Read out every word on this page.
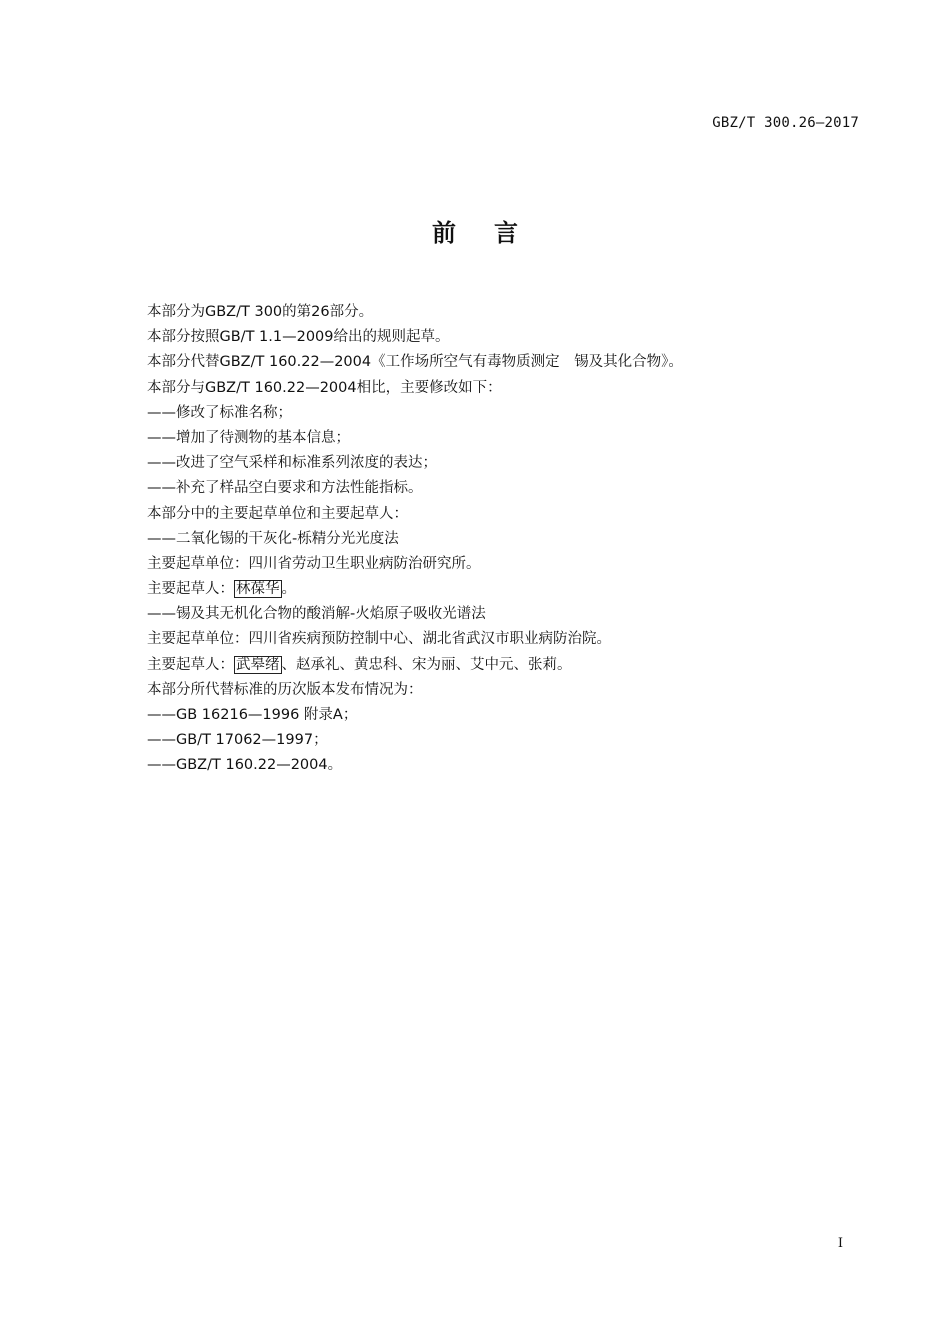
GBZ/T 300.26—2017
前言
本部分为GBZ/T 300的第26部分。
本部分按照GB/T 1.1—2009给出的规则起草。
本部分代替GBZ/T 160.22—2004《工作场所空气有毒物质测定　锡及其化合物》。
本部分与GBZ/T 160.22—2004相比，主要修改如下：
——修改了标准名称；
——增加了待测物的基本信息；
——改进了空气采样和标准系列浓度的表达；
——补充了样品空白要求和方法性能指标。
本部分中的主要起草单位和主要起草人：
——二氧化锡的干灰化-栎精分光光度法
主要起草单位：四川省劳动卫生职业病防治研究所。
主要起草人： 林葆华 。
——锡及其无机化合物的酸消解-火焰原子吸收光谱法
主要起草单位：四川省疾病预防控制中心、湖北省武汉市职业病防治院。
主要起草人： 武皋绪 、赵承礼、黄忠科、宋为丽、艾中元、张莉。
本部分所代替标准的历次版本发布情况为：
——GB 16216—1996 附录A；
——GB/T 17062—1997；
——GBZ/T 160.22—2004。
I
